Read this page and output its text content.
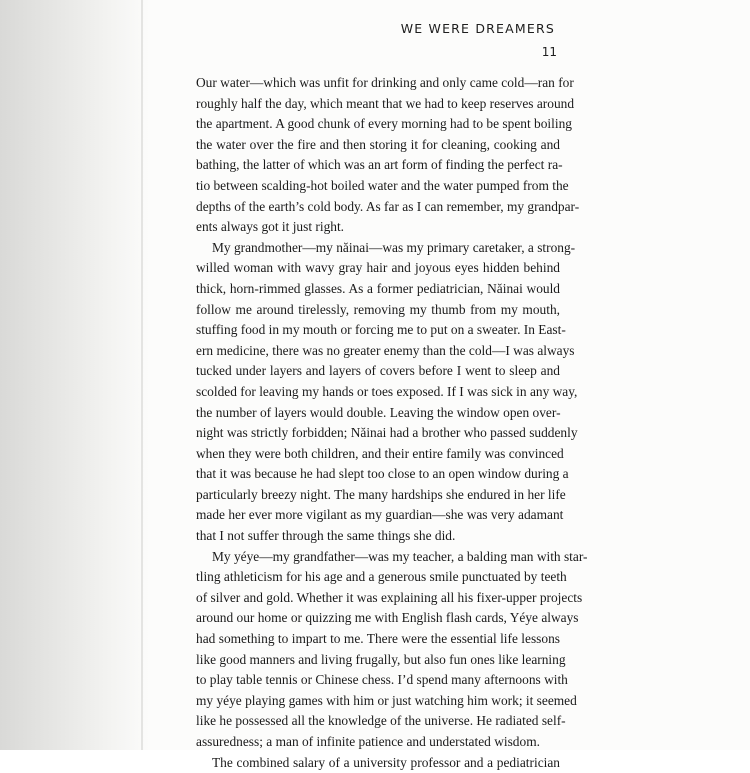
WE WERE DREAMERS
11
Our water—which was unfit for drinking and only came cold—ran for
roughly half the day, which meant that we had to keep reserves around
the apartment. A good chunk of every morning had to be spent boiling
the water over the fire and then storing it for cleaning, cooking and
bathing, the latter of which was an art form of finding the perfect ra-
tio between scalding-hot boiled water and the water pumped from the
depths of the earth’s cold body. As far as I can remember, my grandpar-
ents always got it just right.
My grandmother—my năinai—was my primary caretaker, a strong-
willed woman with wavy gray hair and joyous eyes hidden behind
thick, horn-rimmed glasses. As a former pediatrician, Năinai would
follow me around tirelessly, removing my thumb from my mouth,
stuffing food in my mouth or forcing me to put on a sweater. In East-
ern medicine, there was no greater enemy than the cold—I was always
tucked under layers and layers of covers before I went to sleep and
scolded for leaving my hands or toes exposed. If I was sick in any way,
the number of layers would double. Leaving the window open over-
night was strictly forbidden; Năinai had a brother who passed suddenly
when they were both children, and their entire family was convinced
that it was because he had slept too close to an open window during a
particularly breezy night. The many hardships she endured in her life
made her ever more vigilant as my guardian—she was very adamant
that I not suffer through the same things she did.
My yéye—my grandfather—was my teacher, a balding man with star-
tling athleticism for his age and a generous smile punctuated by teeth
of silver and gold. Whether it was explaining all his fixer-upper projects
around our home or quizzing me with English flash cards, Yéye always
had something to impart to me. There were the essential life lessons
like good manners and living frugally, but also fun ones like learning
to play table tennis or Chinese chess. I’d spend many afternoons with
my yéye playing games with him or just watching him work; it seemed
like he possessed all the knowledge of the universe. He radiated self-
assuredness; a man of infinite patience and understated wisdom.
The combined salary of a university professor and a pediatrician
